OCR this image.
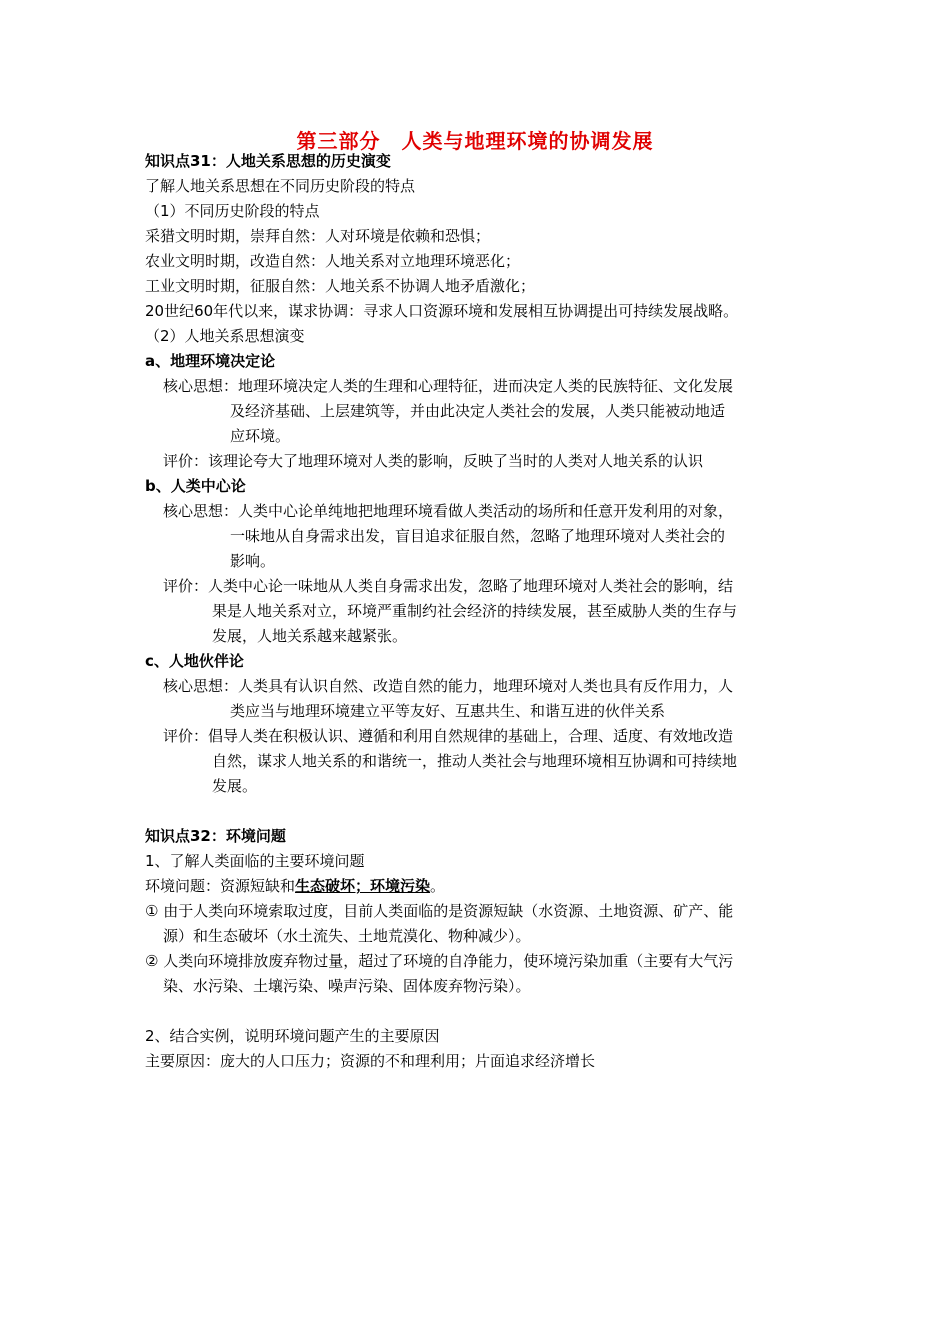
第三部分　人类与地理环境的协调发展
知识点31：人地关系思想的历史演变
了解人地关系思想在不同历史阶段的特点
（1）不同历史阶段的特点
采猎文明时期，崇拜自然：人对环境是依赖和恐惧；
农业文明时期，改造自然：人地关系对立地理环境恶化；
工业文明时期，征服自然：人地关系不协调人地矛盾激化；
20世纪60年代以来，谋求协调：寻求人口资源环境和发展相互协调提出可持续发展战略。
（2）人地关系思想演变
a、地理环境决定论
核心思想：地理环境决定人类的生理和心理特征，进而决定人类的民族特征、文化发展
及经济基础、上层建筑等，并由此决定人类社会的发展，人类只能被动地适
应环境。
评价：该理论夸大了地理环境对人类的影响，反映了当时的人类对人地关系的认识
b、人类中心论
核心思想：人类中心论单纯地把地理环境看做人类活动的场所和任意开发利用的对象，
一味地从自身需求出发，盲目追求征服自然，忽略了地理环境对人类社会的
影响。
评价：人类中心论一味地从人类自身需求出发，忽略了地理环境对人类社会的影响，结
果是人地关系对立，环境严重制约社会经济的持续发展，甚至威胁人类的生存与
发展，人地关系越来越紧张。
c、人地伙伴论
核心思想：人类具有认识自然、改造自然的能力，地理环境对人类也具有反作用力，人
类应当与地理环境建立平等友好、互惠共生、和谐互进的伙伴关系
评价：倡导人类在积极认识、遵循和利用自然规律的基础上，合理、适度、有效地改造
自然，谋求人地关系的和谐统一，推动人类社会与地理环境相互协调和可持续地
发展。
知识点32：环境问题
1、了解人类面临的主要环境问题
环境问题：资源短缺和生态破坏；环境污染。
① 由于人类向环境索取过度，目前人类面临的是资源短缺（水资源、土地资源、矿产、能
源）和生态破坏（水土流失、土地荒漠化、物种减少）。
② 人类向环境排放废弃物过量，超过了环境的自净能力，使环境污染加重（主要有大气污
染、水污染、土壤污染、噪声污染、固体废弃物污染）。
2、结合实例，说明环境问题产生的主要原因
主要原因：庞大的人口压力；资源的不和理利用；片面追求经济增长
